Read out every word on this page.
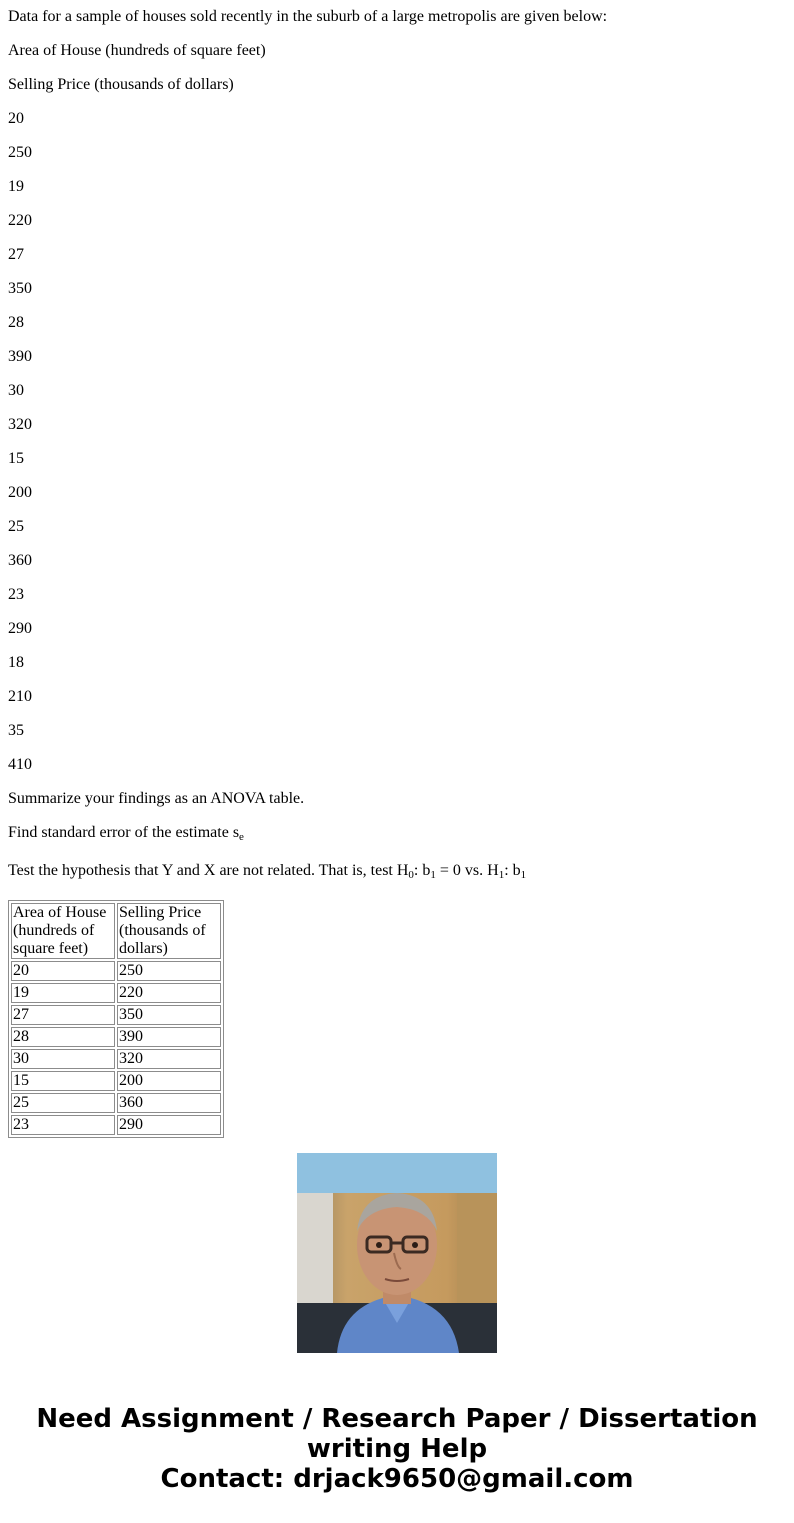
Data for a sample of houses sold recently in the suburb of a large metropolis are given below:

Area of House (hundreds of square feet)

Selling Price (thousands of dollars)

20

250

19

220

27

350

28

390

30

320

15

200

25

360

23

290

18

210

35

410

Summarize your findings as an ANOVA table.

Find standard error of the estimate $s_e$

Test the hypothesis that Y and X are not related. That is, test $H_0$: $b_1 = 0$ vs. $H_1$: $b_1$

Area of House (hundreds of square feet)	Selling Price (thousands of dollars)
20	250
19	220
27	350
28	390
30	320
15	200
25	360
23	290
Need Assignment / Research Paper / Dissertation
writing Help
Contact: drjack9650@gmail.com
